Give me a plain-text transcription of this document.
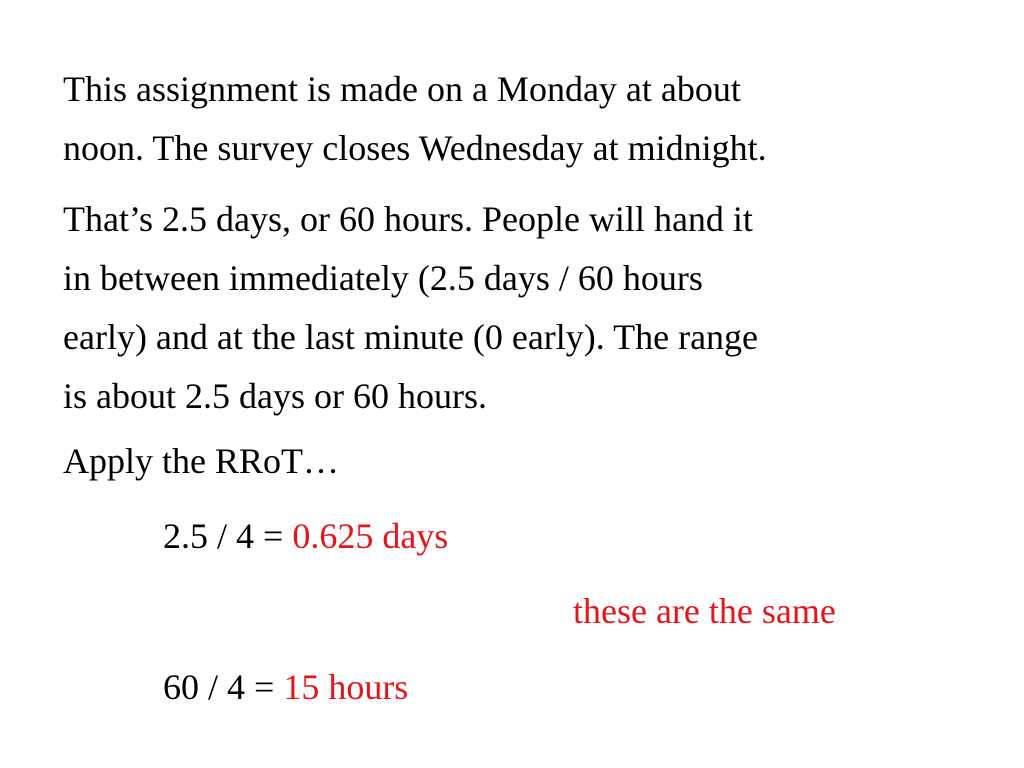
This assignment is made on a Monday at about
noon. The survey closes Wednesday at midnight.

That’s 2.5 days, or 60 hours. People will hand it
in between immediately (2.5 days / 60 hours
early) and at the last minute (0 early). The range
is about 2.5 days or 60 hours.

Apply the RRoT…

2.5 / 4 = 0.625 days

these are the same

60 / 4 = 15 hours
